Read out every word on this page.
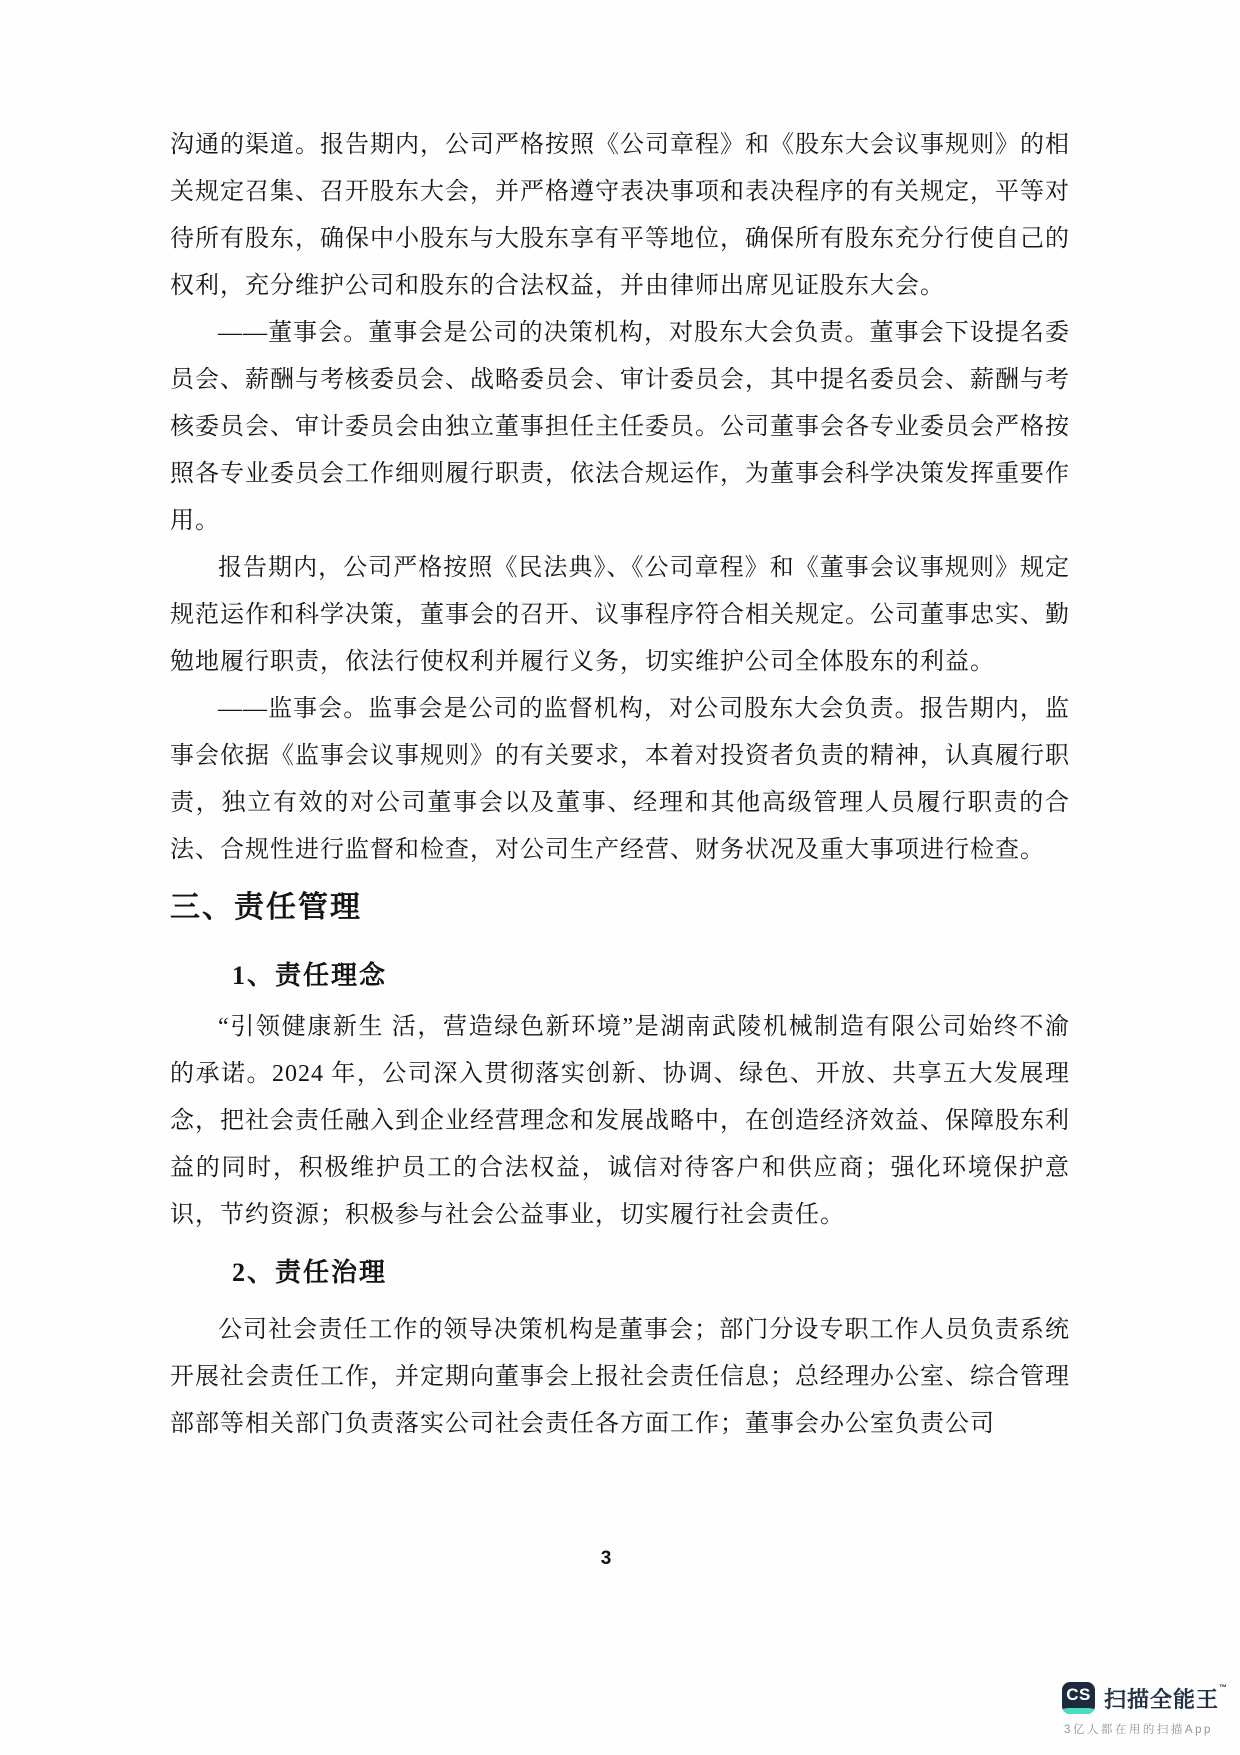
沟通的渠道。报告期内，公司严格按照《公司章程》和《股东大会议事规则》的相关规定召集、召开股东大会，并严格遵守表决事项和表决程序的有关规定，平等对待所有股东，确保中小股东与大股东享有平等地位，确保所有股东充分行使自己的权利，充分维护公司和股东的合法权益，并由律师出席见证股东大会。

——董事会。董事会是公司的决策机构，对股东大会负责。董事会下设提名委员会、薪酬与考核委员会、战略委员会、审计委员会，其中提名委员会、薪酬与考核委员会、审计委员会由独立董事担任主任委员。公司董事会各专业委员会严格按照各专业委员会工作细则履行职责，依法合规运作，为董事会科学决策发挥重要作用。

报告期内，公司严格按照《民法典》、《公司章程》和《董事会议事规则》规定规范运作和科学决策，董事会的召开、议事程序符合相关规定。公司董事忠实、勤勉地履行职责，依法行使权利并履行义务，切实维护公司全体股东的利益。

——监事会。监事会是公司的监督机构，对公司股东大会负责。报告期内，监事会依据《监事会议事规则》的有关要求，本着对投资者负责的精神，认真履行职责，独立有效的对公司董事会以及董事、经理和其他高级管理人员履行职责的合法、合规性进行监督和检查，对公司生产经营、财务状况及重大事项进行检查。

三、责任管理
1、责任理念

“引领健康新生 活，营造绿色新环境”是湖南武陵机械制造有限公司始终不渝的承诺。2024 年，公司深入贯彻落实创新、协调、绿色、开放、共享五大发展理念，把社会责任融入到企业经营理念和发展战略中，在创造经济效益、保障股东利益的同时，积极维护员工的合法权益，诚信对待客户和供应商；强化环境保护意识，节约资源；积极参与社会公益事业，切实履行社会责任。

2、责任治理

公司社会责任工作的领导决策机构是董事会；部门分设专职工作人员负责系统开展社会责任工作，并定期向董事会上报社会责任信息；总经理办公室、综合管理部部等相关部门负责落实公司社会责任各方面工作；董事会办公室负责公司

3
CS 扫描全能王™
3亿人都在用的扫描App
